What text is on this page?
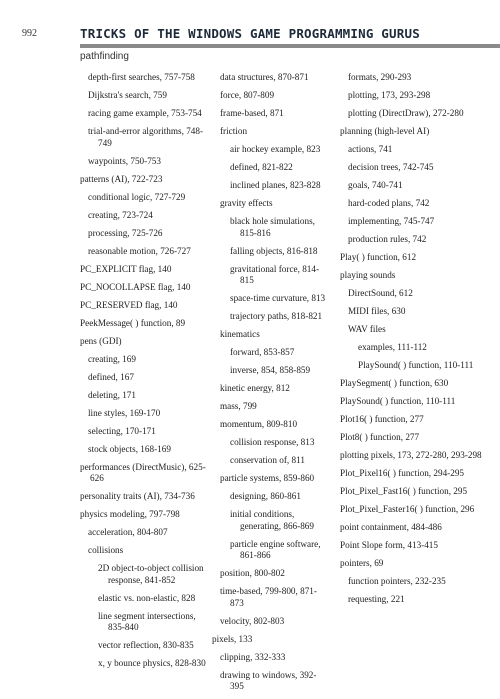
992	TRICKS OF THE WINDOWS GAME PROGRAMMING GURUS
pathfinding
depth-first searches, 757-758
Dijkstra's search, 759
racing game example, 753-754
trial-and-error algorithms, 748-749
waypoints, 750-753
patterns (AI), 722-723
conditional logic, 727-729
creating, 723-724
processing, 725-726
reasonable motion, 726-727
PC_EXPLICIT flag, 140
PC_NOCOLLAPSE flag, 140
PC_RESERVED flag, 140
PeekMessage( ) function, 89
pens (GDI)
creating, 169
defined, 167
deleting, 171
line styles, 169-170
selecting, 170-171
stock objects, 168-169
performances (DirectMusic), 625-626
personality traits (AI), 734-736
physics modeling, 797-798
acceleration, 804-807
collisions
2D object-to-object collision response, 841-852
elastic vs. non-elastic, 828
line segment intersections, 835-840
vector reflection, 830-835
x, y bounce physics, 828-830
data structures, 870-871
force, 807-809
frame-based, 871
friction
air hockey example, 823
defined, 821-822
inclined planes, 823-828
gravity effects
black hole simulations, 815-816
falling objects, 816-818
gravitational force, 814-815
space-time curvature, 813
trajectory paths, 818-821
kinematics
forward, 853-857
inverse, 854, 858-859
kinetic energy, 812
mass, 799
momentum, 809-810
collision response, 813
conservation of, 811
particle systems, 859-860
designing, 860-861
initial conditions, generating, 866-869
particle engine software, 861-866
position, 800-802
time-based, 799-800, 871-873
velocity, 802-803
pixels, 133
clipping, 332-333
drawing to windows, 392-395
formats, 290-293
plotting, 173, 293-298
plotting (DirectDraw), 272-280
planning (high-level AI)
actions, 741
decision trees, 742-745
goals, 740-741
hard-coded plans, 742
implementing, 745-747
production rules, 742
Play( ) function, 612
playing sounds
DirectSound, 612
MIDI files, 630
WAV files
examples, 111-112
PlaySound( ) function, 110-111
PlaySegment( ) function, 630
PlaySound( ) function, 110-111
Plot16( ) function, 277
Plot8( ) function, 277
plotting pixels, 173, 272-280, 293-298
Plot_Pixel16( ) function, 294-295
Plot_Pixel_Fast16( ) function, 295
Plot_Pixel_Faster16( ) function, 296
point containment, 484-486
Point Slope form, 413-415
pointers, 69
function pointers, 232-235
requesting, 221
